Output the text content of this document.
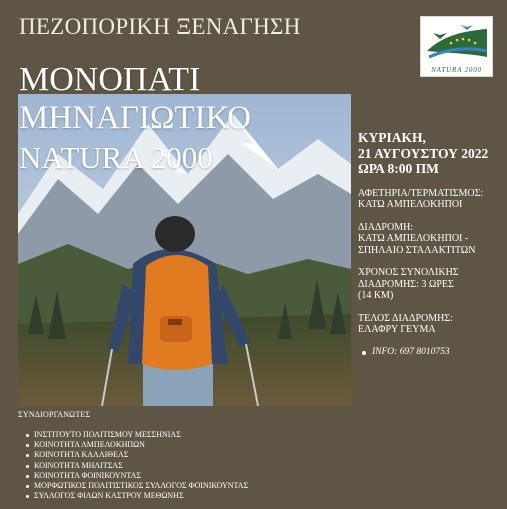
ΠΕΖΟΠΟΡΙΚΗ ΞΕΝΑΓΗΣΗ
NATURA 2000
ΜΟΝΟΠΑΤΙ
ΜΗΝΑΓΙΩΤΙΚΟ
NATURA 2000
ΚΥΡΙΑΚΗ,
21 ΑΥΓΟΥΣΤΟΥ 2022
ΩΡΑ 8:00 ΠΜ

ΑΦΕΤΗΡΙΑ/ΤΕΡΜΑΤΙΣΜΟΣ:
ΚΑΤΩ ΑΜΠΕΛΟΚΗΠΟΙ

ΔΙΑΔΡΟΜΗ:
ΚΑΤΩ ΑΜΠΕΛΟΚΗΠΟΙ -
ΣΠΗΛΑΙΟ ΣΤΑΛΑΚΤΙΤΩΝ

ΧΡΟΝΟΣ ΣΥΝΟΛΙΚΗΣ
ΔΙΑΔΡΟΜΗΣ: 3 ΩΡΕΣ
(14 KM)

ΤΕΛΟΣ ΔΙΑΔΡΟΜΗΣ:
ΕΛΑΦΡΥ ΓΕΥΜΑ

INFO: 697 8010753
ΣΥΝΔΙΟΡΓΑΝΩΤΕΣ
ΙΝΣΤΙΤΟΥΤΟ ΠΟΛΙΤΙΣΜΟΥ ΜΕΣΣΗΝΙΑΣ
ΚΟΙΝΟΤΗΤΑ ΑΜΠΕΛΟΚΗΠΩΝ
ΚΟΙΝΟΤΗΤΑ ΚΑΛΛΙΘΕΑΣ
ΚΟΙΝΟΤΗΤΑ ΜΗΛΙΤΣΑΣ
ΚΟΙΝΟΤΗΤΑ ΦΟΙΝΙΚΟΥΝΤΑΣ
ΜΟΡΦΩΤΙΚΟΣ ΠΟΛΙΤΙΣΤΙΚΟΣ ΣΥΛΛΟΓΟΣ ΦΟΙΝΙΚΟΥΝΤΑΣ
ΣΥΛΛΟΓΟΣ ΦΙΛΩΝ ΚΑΣΤΡΟΥ ΜΕΘΩΝΗΣ
